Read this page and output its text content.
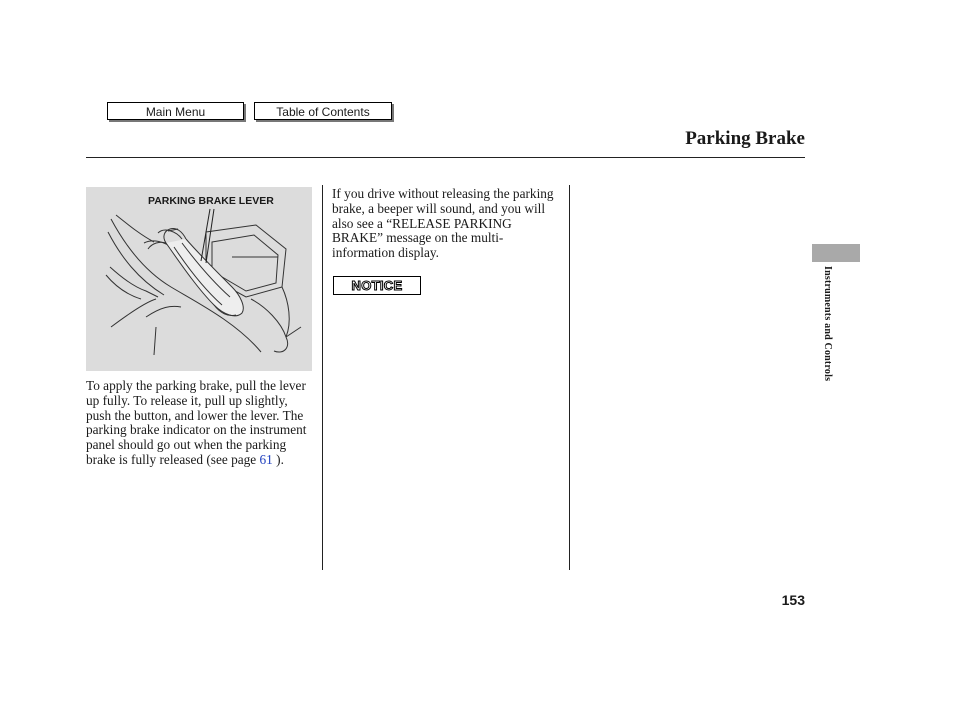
Main Menu	Table of Contents
Parking Brake
PARKING BRAKE LEVER

To apply the parking brake, pull the lever up fully. To release it, pull up slightly, push the button, and lower the lever. The parking brake indicator on the instrument panel should go out when the parking brake is fully released (see page 61 ).

If you drive without releasing the parking brake, a beeper will sound, and you will also see a “RELEASE PARKING BRAKE” message on the multi-information display.

NOTICE	Instruments and Controls
153
